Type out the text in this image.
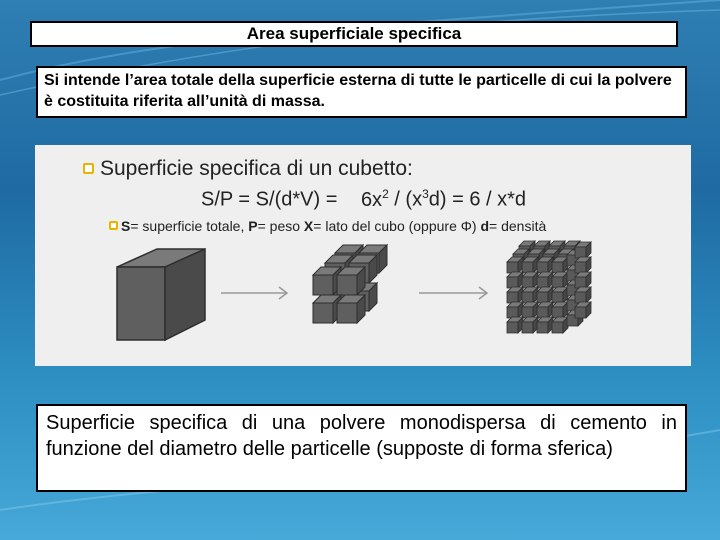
Area superficiale specifica
Si intende l’area totale della superficie esterna di tutte le particelle di cui la polvere è costituita riferita all’unità di massa.
Superficie specifica di un cubetto:
$S/P = S/(d*V) = 6x^2 / (x^3d) = 6 / x*d$
S= superficie totale, P= peso X= lato del cubo (oppure Φ) d= densità
Superficie specifica di una polvere monodispersa di cemento in funzione del diametro delle particelle (supposte di forma sferica)
